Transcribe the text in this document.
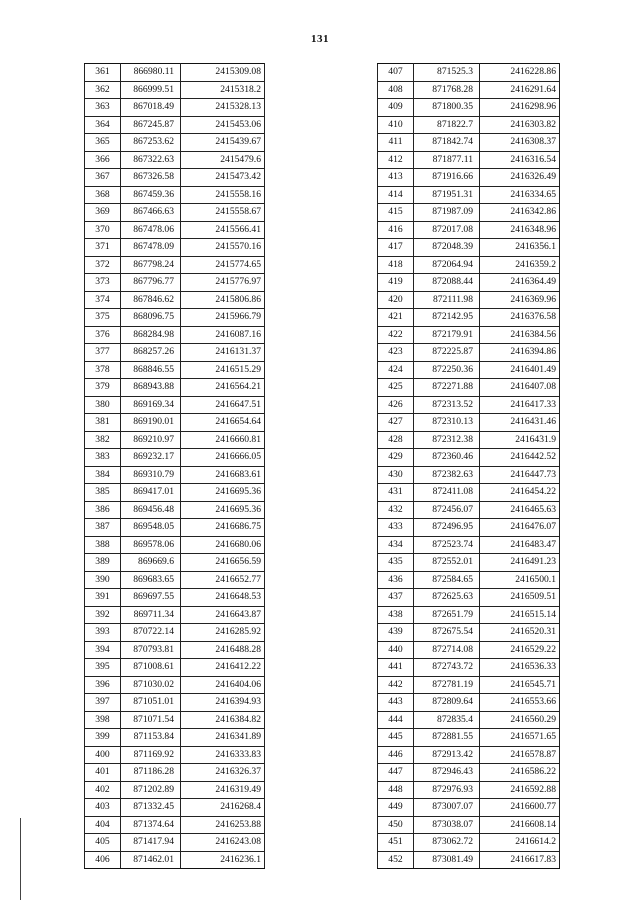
131
361	866980.11	2415309.08
362	866999.51	2415318.2
363	867018.49	2415328.13
364	867245.87	2415453.06
365	867253.62	2415439.67
366	867322.63	2415479.6
367	867326.58	2415473.42
368	867459.36	2415558.16
369	867466.63	2415558.67
370	867478.06	2415566.41
371	867478.09	2415570.16
372	867798.24	2415774.65
373	867796.77	2415776.97
374	867846.62	2415806.86
375	868096.75	2415966.79
376	868284.98	2416087.16
377	868257.26	2416131.37
378	868846.55	2416515.29
379	868943.88	2416564.21
380	869169.34	2416647.51
381	869190.01	2416654.64
382	869210.97	2416660.81
383	869232.17	2416666.05
384	869310.79	2416683.61
385	869417.01	2416695.36
386	869456.48	2416695.36
387	869548.05	2416686.75
388	869578.06	2416680.06
389	869669.6	2416656.59
390	869683.65	2416652.77
391	869697.55	2416648.53
392	869711.34	2416643.87
393	870722.14	2416285.92
394	870793.81	2416488.28
395	871008.61	2416412.22
396	871030.02	2416404.06
397	871051.01	2416394.93
398	871071.54	2416384.82
399	871153.84	2416341.89
400	871169.92	2416333.83
401	871186.28	2416326.37
402	871202.89	2416319.49
403	871332.45	2416268.4
404	871374.64	2416253.88
405	871417.94	2416243.08
406	871462.01	2416236.1
407	871525.3	2416228.86
408	871768.28	2416291.64
409	871800.35	2416298.96
410	871822.7	2416303.82
411	871842.74	2416308.37
412	871877.11	2416316.54
413	871916.66	2416326.49
414	871951.31	2416334.65
415	871987.09	2416342.86
416	872017.08	2416348.96
417	872048.39	2416356.1
418	872064.94	2416359.2
419	872088.44	2416364.49
420	872111.98	2416369.96
421	872142.95	2416376.58
422	872179.91	2416384.56
423	872225.87	2416394.86
424	872250.36	2416401.49
425	872271.88	2416407.08
426	872313.52	2416417.33
427	872310.13	2416431.46
428	872312.38	2416431.9
429	872360.46	2416442.52
430	872382.63	2416447.73
431	872411.08	2416454.22
432	872456.07	2416465.63
433	872496.95	2416476.07
434	872523.74	2416483.47
435	872552.01	2416491.23
436	872584.65	2416500.1
437	872625.63	2416509.51
438	872651.79	2416515.14
439	872675.54	2416520.31
440	872714.08	2416529.22
441	872743.72	2416536.33
442	872781.19	2416545.71
443	872809.64	2416553.66
444	872835.4	2416560.29
445	872881.55	2416571.65
446	872913.42	2416578.87
447	872946.43	2416586.22
448	872976.93	2416592.88
449	873007.07	2416600.77
450	873038.07	2416608.14
451	873062.72	2416614.2
452	873081.49	2416617.83
